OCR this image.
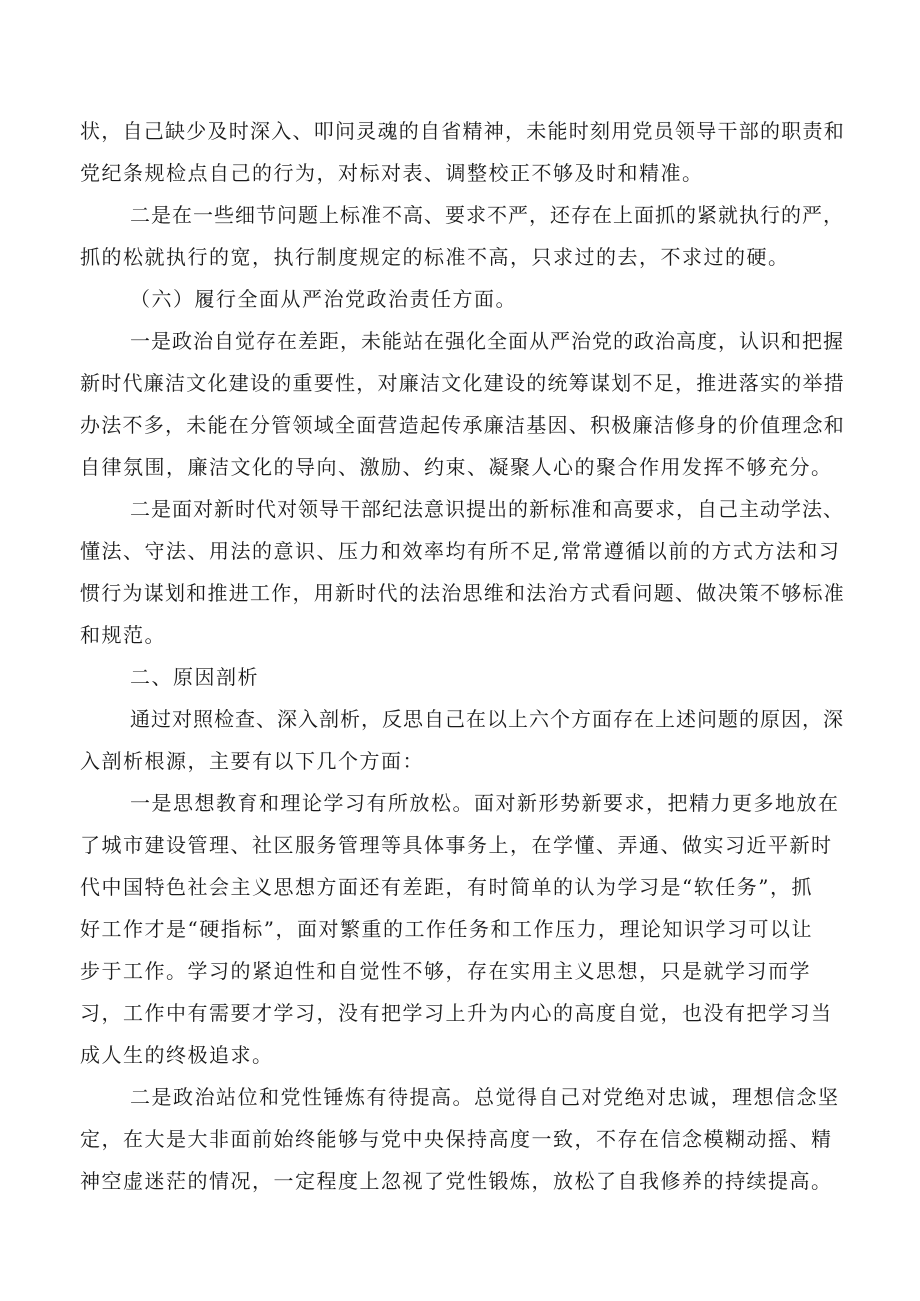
状，自己缺少及时深入、叩问灵魂的自省精神，未能时刻用党员领导干部的职责和
党纪条规检点自己的行为，对标对表、调整校正不够及时和精准。
二是在一些细节问题上标准不高、要求不严，还存在上面抓的紧就执行的严，
抓的松就执行的宽，执行制度规定的标准不高，只求过的去，不求过的硬。
（六）履行全面从严治党政治责任方面。
一是政治自觉存在差距，未能站在强化全面从严治党的政治高度，认识和把握
新时代廉洁文化建设的重要性，对廉洁文化建设的统筹谋划不足，推进落实的举措
办法不多，未能在分管领域全面营造起传承廉洁基因、积极廉洁修身的价值理念和
自律氛围，廉洁文化的导向、激励、约束、凝聚人心的聚合作用发挥不够充分。
二是面对新时代对领导干部纪法意识提出的新标准和高要求，自己主动学法、
懂法、守法、用法的意识、压力和效率均有所不足,常常遵循以前的方式方法和习
惯行为谋划和推进工作，用新时代的法治思维和法治方式看问题、做决策不够标准
和规范。
二、原因剖析
通过对照检查、深入剖析，反思自己在以上六个方面存在上述问题的原因，深
入剖析根源，主要有以下几个方面：
一是思想教育和理论学习有所放松。面对新形势新要求，把精力更多地放在
了城市建设管理、社区服务管理等具体事务上，在学懂、弄通、做实习近平新时
代中国特色社会主义思想方面还有差距，有时简单的认为学习是“软任务”，抓
好工作才是“硬指标”，面对繁重的工作任务和工作压力，理论知识学习可以让
步于工作。学习的紧迫性和自觉性不够，存在实用主义思想，只是就学习而学
习，工作中有需要才学习，没有把学习上升为内心的高度自觉，也没有把学习当
成人生的终极追求。
二是政治站位和党性锤炼有待提高。总觉得自己对党绝对忠诚，理想信念坚
定，在大是大非面前始终能够与党中央保持高度一致，不存在信念模糊动摇、精
神空虚迷茫的情况，一定程度上忽视了党性锻炼，放松了自我修养的持续提高。
